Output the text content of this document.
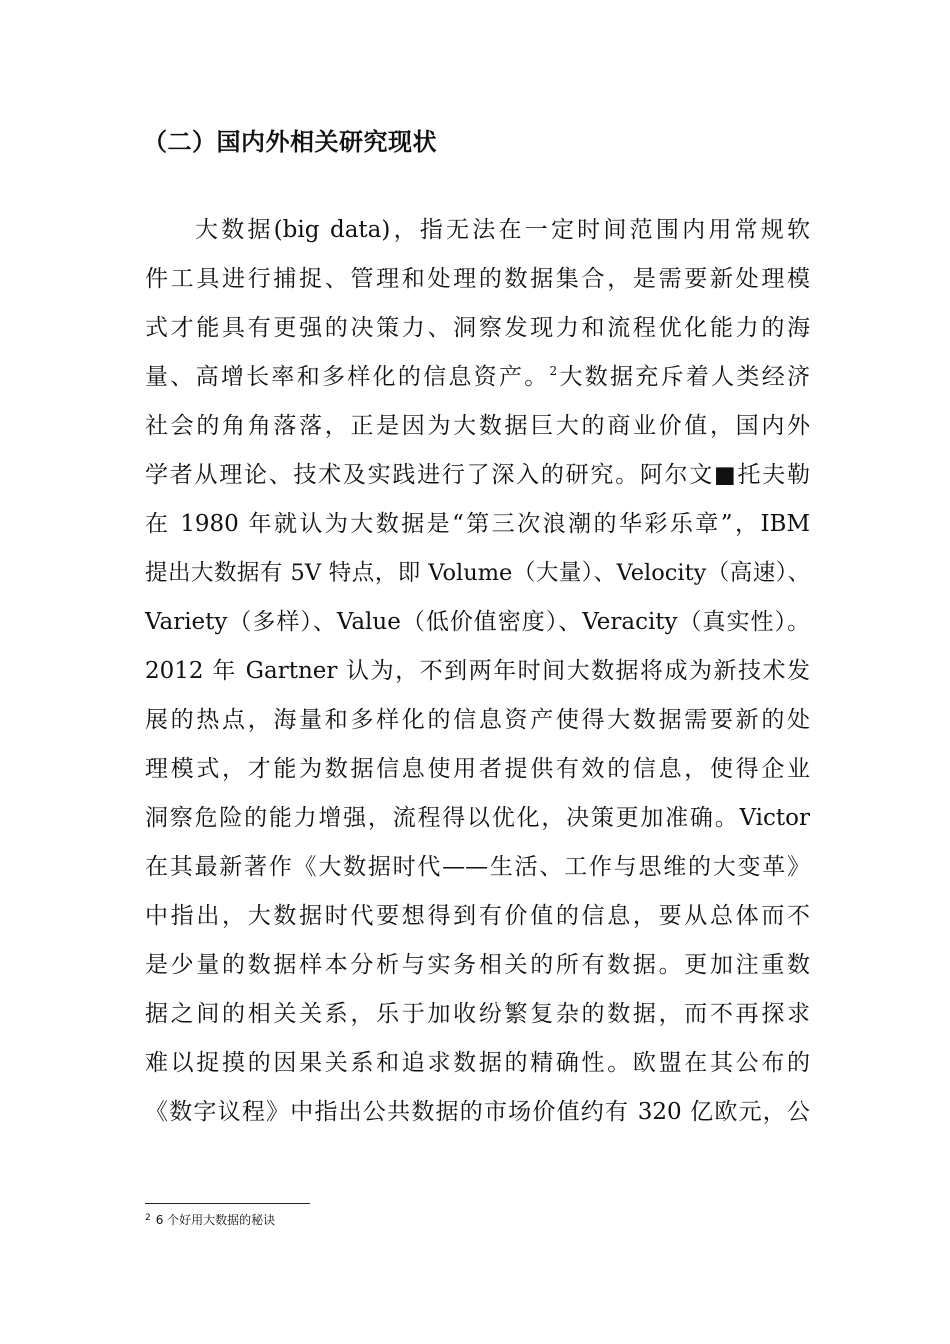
（二）国内外相关研究现状
大数据(big data)，指无法在一定时间范围内用常规软
件工具进行捕捉、管理和处理的数据集合，是需要新处理模
式才能具有更强的决策力、洞察发现力和流程优化能力的海
量、高增长率和多样化的信息资产。$^2$大数据充斥着人类经济
社会的角角落落，正是因为大数据巨大的商业价值，国内外
学者从理论、技术及实践进行了深入的研究。阿尔文■托夫勒
在 1980 年就认为大数据是“第三次浪潮的华彩乐章”，IBM
提出大数据有 5V 特点，即 Volume（大量）、Velocity（高速）、
Variety（多样）、Value（低价值密度）、Veracity（真实性）。
2012 年 Gartner 认为，不到两年时间大数据将成为新技术发
展的热点，海量和多样化的信息资产使得大数据需要新的处
理模式，才能为数据信息使用者提供有效的信息，使得企业
洞察危险的能力增强，流程得以优化，决策更加准确。Victor
在其最新著作《大数据时代——生活、工作与思维的大变革》
中指出，大数据时代要想得到有价值的信息，要从总体而不
是少量的数据样本分析与实务相关的所有数据。更加注重数
据之间的相关关系，乐于加收纷繁复杂的数据，而不再探求
难以捉摸的因果关系和追求数据的精确性。欧盟在其公布的
《数字议程》中指出公共数据的市场价值约有 320 亿欧元，公
$^2$ 6 个好用大数据的秘诀
